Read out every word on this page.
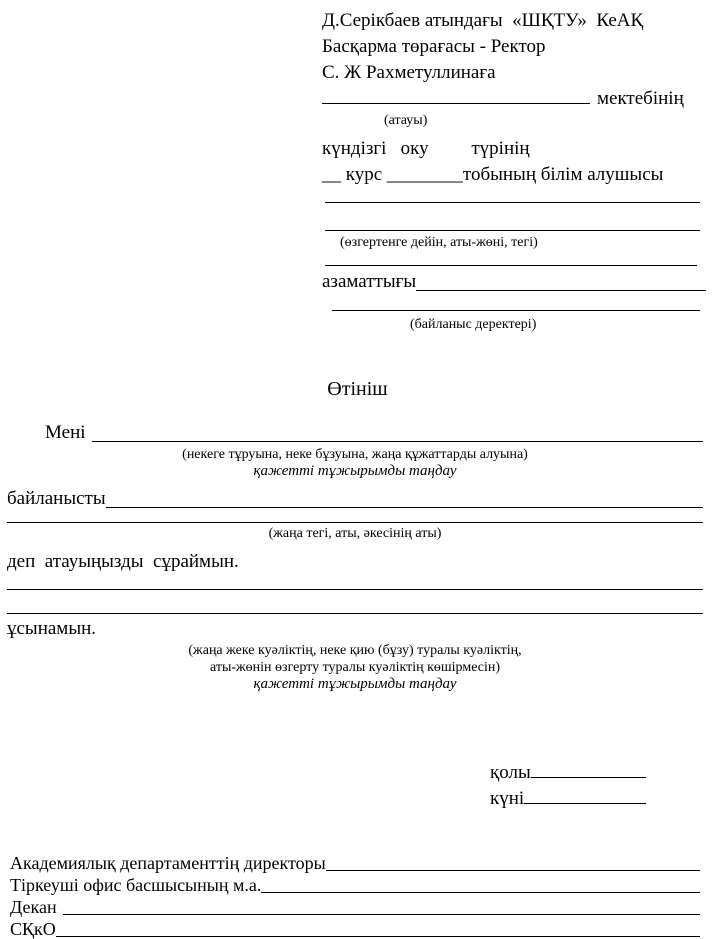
Д.Серікбаев атындағы  «ШҚТУ»  КеАҚ
Басқарма төрағасы - Ректор
С. Ж Рахметуллинаға
мектебінің
(атауы)
күндізгі   оку         түрінің
__ курс ________тобының білім алушысы
(өзгертенге дейін, аты-жөні, тегі)
азаматтығы
(байланыс деректері)
Өтініш
Мені
(некеге тұруына, неке бұзуына, жаңа құжаттарды алуына)
қажетті тұжырымды таңдау
байланысты
(жаңа тегі, аты, әкесінің аты)
деп  атауыңызды  сұраймын.
ұсынамын.
(жаңа жеке куәліктің, неке қию (бұзу) туралы куәліктің,
аты-жөнін өзгерту туралы куәліктің көшірмесін)
қажетті тұжырымды таңдау
қолы
күні
Академиялық департаменттің директоры
Тіркеуші офис басшысының м.а.
Декан
СҚкО
